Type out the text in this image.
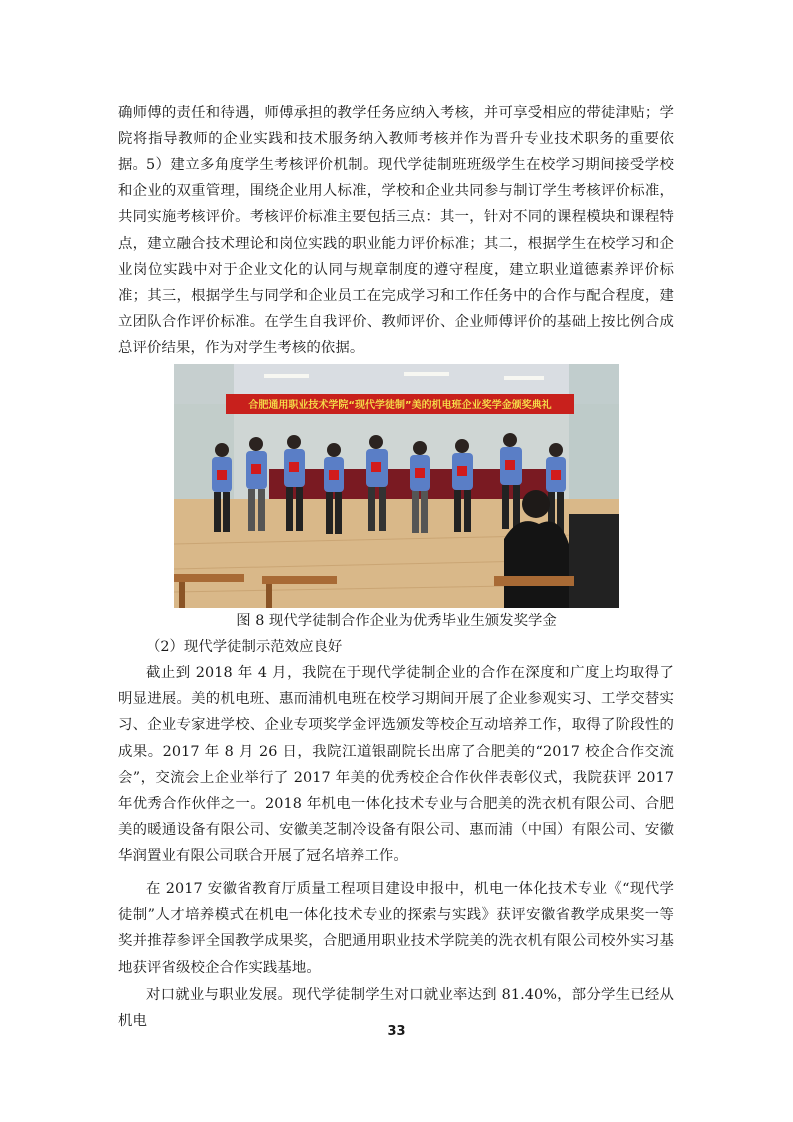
确师傅的责任和待遇，师傅承担的教学任务应纳入考核，并可享受相应的带徒津贴；学院将指导教师的企业实践和技术服务纳入教师考核并作为晋升专业技术职务的重要依据。 5）建立多角度学生考核评价机制。现代学徒制班班级学生在校学习期间接受学校和企业的双重管理，围绕企业用人标准，学校和企业共同参与制订学生考核评价标准，共同实施考核评价。考核评价标准主要包括三点：其一，针对不同的课程模块和课程特点，建立融合技术理论和岗位实践的职业能力评价标准；其二，根据学生在校学习和企业岗位实践中对于企业文化的认同与规章制度的遵守程度，建立职业道德素养评价标准；其三，根据学生与同学和企业员工在完成学习和工作任务中的合作与配合程度，建立团队合作评价标准。在学生自我评价、教师评价、企业师傅评价的基础上按比例合成总评价结果，作为对学生考核的依据。

合肥通用职业技术学院“现代学徒制”美的机电班企业奖学金颁奖典礼

图 8 现代学徒制合作企业为优秀毕业生颁发奖学金

（2）现代学徒制示范效应良好

截止到 2018 年 4 月，我院在于现代学徒制企业的合作在深度和广度上均取得了明显进展。美的机电班、惠而浦机电班在校学习期间开展了企业参观实习、工学交替实习、企业专家进学校、企业专项奖学金评选颁发等校企互动培养工作，取得了阶段性的成果。2017 年 8 月 26 日，我院江道银副院长出席了合肥美的“2017 校企合作交流会”，交流会上企业举行了 2017 年美的优秀校企合作伙伴表彰仪式，我院获评 2017 年优秀合作伙伴之一。2018 年机电一体化技术专业与合肥美的洗衣机有限公司、合肥美的暖通设备有限公司、安徽美芝制冷设备有限公司、惠而浦（中国）有限公司、安徽华润置业有限公司联合开展了冠名培养工作。

在 2017 安徽省教育厅质量工程项目建设申报中，机电一体化技术专业《“现代学徒制”人才培养模式在机电一体化技术专业的探索与实践》获评安徽省教学成果奖一等奖并推荐参评全国教学成果奖，合肥通用职业技术学院美的洗衣机有限公司校外实习基地获评省级校企合作实践基地。

对口就业与职业发展。现代学徒制学生对口就业率达到 81.40%，部分学生已经从机电

33
